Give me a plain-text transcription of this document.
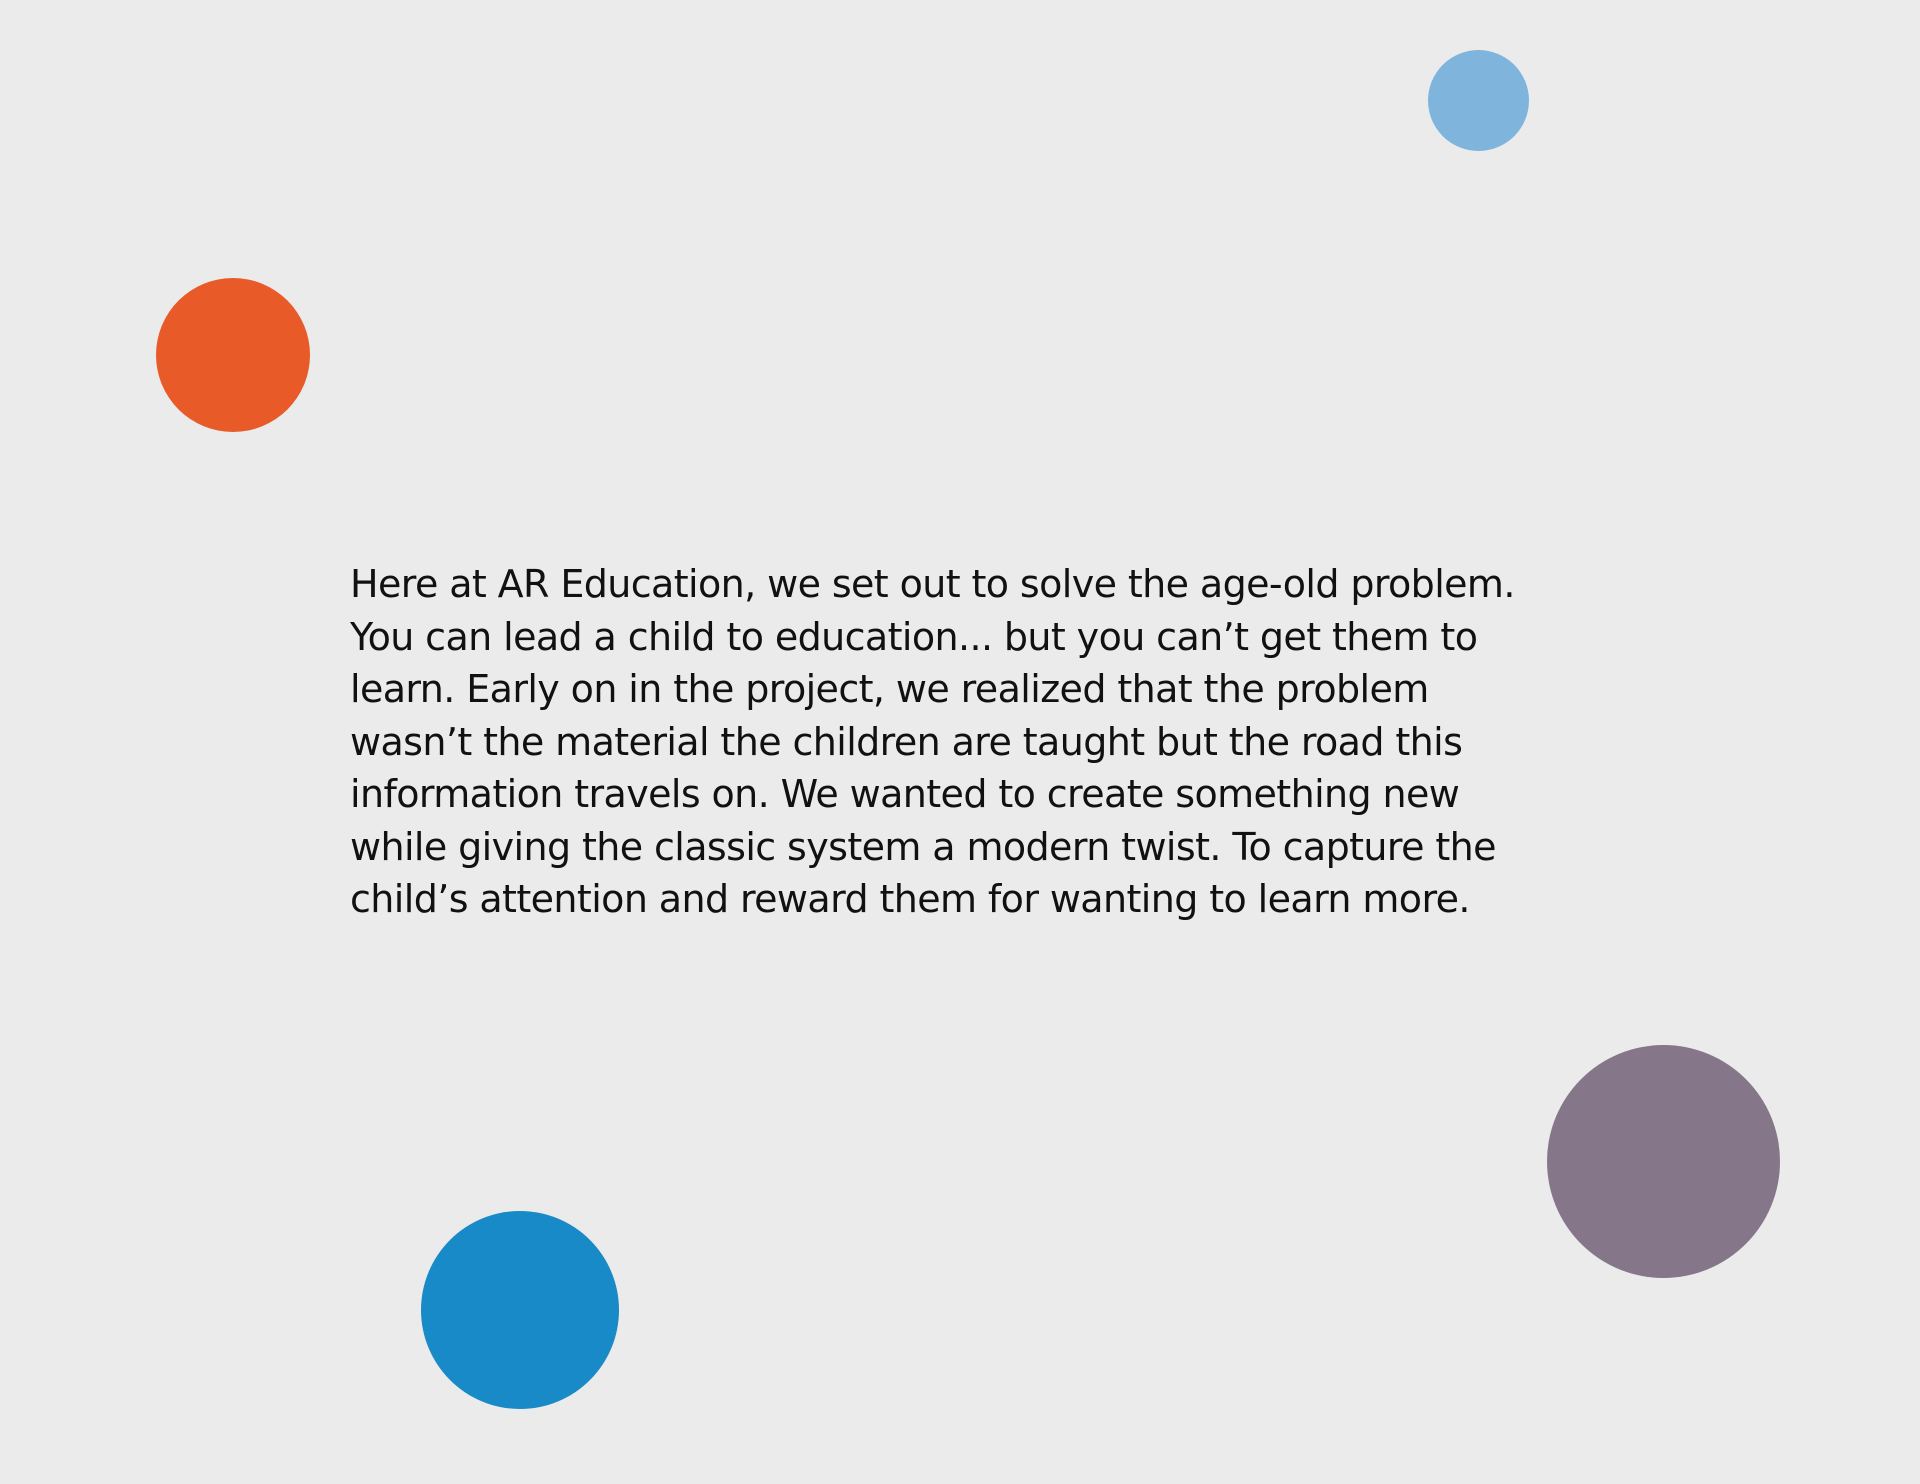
Here at AR Education, we set out to solve the age-old problem.
You can lead a child to education... but you can’t get them to
learn. Early on in the project, we realized that the problem
wasn’t the material the children are taught but the road this
information travels on. We wanted to create something new
while giving the classic system a modern twist. To capture the
child’s attention and reward them for wanting to learn more.
